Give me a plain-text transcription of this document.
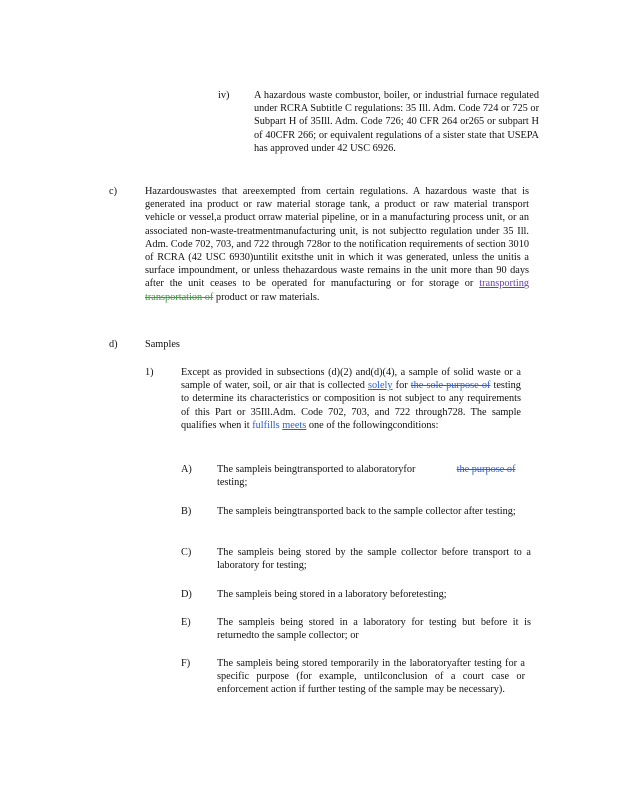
iv) A hazardous waste combustor, boiler, or industrial furnace regulated under RCRA Subtitle C regulations: 35 Ill. Adm. Code 724 or 725 or Subpart H of 35Ill. Adm. Code 726; 40 CFR 264 or265 or subpart H of 40CFR 266; or equivalent regulations of a sister state that USEPA has approved under 42 USC 6926.
c)	Hazardouswastes that areexempted from certain regulations. A hazardous waste that is generated ina product or raw material storage tank, a product or raw material transport vehicle or vessel,a product orraw material pipeline, or in a manufacturing process unit, or an associated non-waste-treatmentmanufacturing unit, is not subjectto regulation under 35 Ill. Adm. Code 702, 703, and 722 through 728or to the notification requirements of section 3010 of RCRA (42 USC 6930)untilit exitsthe unit in which it was generated, unless the unitis a surface impoundment, or unless thehazardous waste remains in the unit more than 90 days after the unit ceases to be operated for manufacturing or for storage or transporting transportation of product or raw materials.
d)	Samples
1)	Except as provided in subsections (d)(2) and(d)(4), a sample of solid waste or a sample of water, soil, or air that is collected solely for the sole purpose of testing to determine its characteristics or composition is not subject to any requirements of this Part or 35Ill.Adm. Code 702, 703, and 722 through728. The sample qualifies when it fulfills meets one of the followingconditions:
A) The sampleis beingtransported to alaboratoryfor	the purpose of
testing;
B) The sampleis beingtransported back to the sample collector after testing;
C) The sampleis being stored by the sample collector before transport to a laboratory for testing;
D) The sampleis being stored in a laboratory beforetesting;
E)	The sampleis being stored in a laboratory for testing but before it is returnedto the sample collector; or
F)	The sampleis being stored temporarily in the laboratoryafter testing for a specific purpose (for example, untilconclusion of a court case or enforcement action if further testing of the sample may be necessary).
